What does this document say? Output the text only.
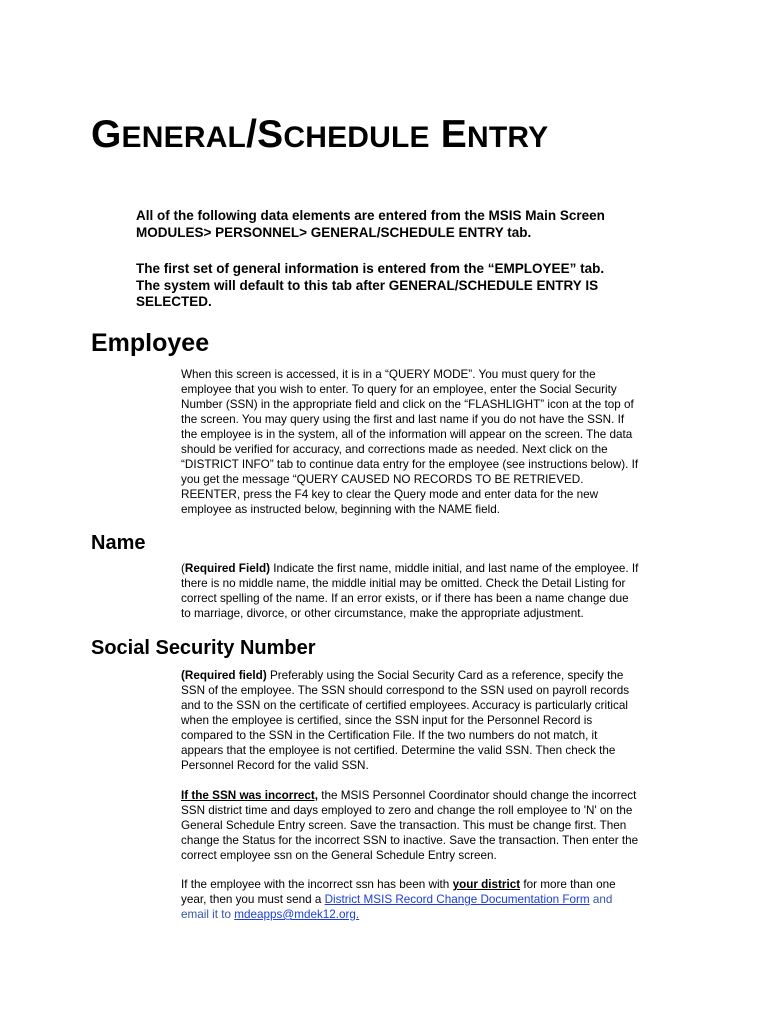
GENERAL/SCHEDULE ENTRY

All of the following data elements are entered from the MSIS Main Screen

MODULES> PERSONNEL> GENERAL/SCHEDULE ENTRY tab.

The first set of general information is entered from the “EMPLOYEE” tab.

The system will default to this tab after GENERAL/SCHEDULE ENTRY IS

SELECTED.

Employee

When this screen is accessed, it is in a “QUERY MODE”. You must query for the

employee that you wish to enter. To query for an employee, enter the Social Security

Number (SSN) in the appropriate field and click on the “FLASHLIGHT” icon at the top of

the screen. You may query using the first and last name if you do not have the SSN. If

the employee is in the system, all of the information will appear on the screen. The data

should be verified for accuracy, and corrections made as needed. Next click on the

“DISTRICT INFO” tab to continue data entry for the employee (see instructions below). If

you get the message “QUERY CAUSED NO RECORDS TO BE RETRIEVED.

REENTER, press the F4 key to clear the Query mode and enter data for the new

employee as instructed below, beginning with the NAME field.

Name

(Required Field) Indicate the first name, middle initial, and last name of the employee. If

there is no middle name, the middle initial may be omitted. Check the Detail Listing for

correct spelling of the name. If an error exists, or if there has been a name change due

to marriage, divorce, or other circumstance, make the appropriate adjustment.

Social Security Number

(Required field) Preferably using the Social Security Card as a reference, specify the

SSN of the employee. The SSN should correspond to the SSN used on payroll records

and to the SSN on the certificate of certified employees. Accuracy is particularly critical

when the employee is certified, since the SSN input for the Personnel Record is

compared to the SSN in the Certification File. If the two numbers do not match, it

appears that the employee is not certified. Determine the valid SSN. Then check the

Personnel Record for the valid SSN.

If the SSN was incorrect, the MSIS Personnel Coordinator should change the incorrect

SSN district time and days employed to zero and change the roll employee to 'N' on the

General Schedule Entry screen. Save the transaction. This must be change first. Then

change the Status for the incorrect SSN to inactive. Save the transaction. Then enter the

correct employee ssn on the General Schedule Entry screen.

If the employee with the incorrect ssn has been with your district for more than one

year, then you must send a District MSIS Record Change Documentation Form and

email it to mdeapps@mdek12.org.
